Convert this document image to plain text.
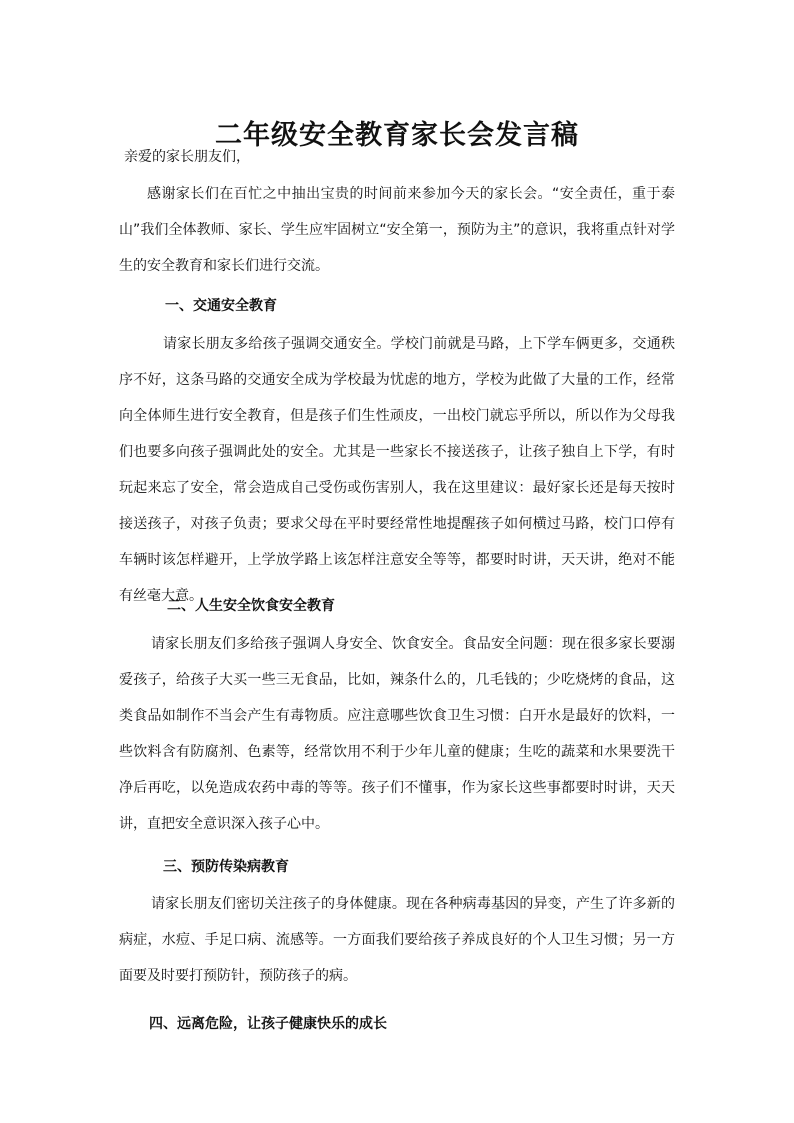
二年级安全教育家长会发言稿
亲爱的家长朋友们，

感谢家长们在百忙之中抽出宝贵的时间前来参加今天的家长会。“安全责任，重于泰山”我们全体教师、家长、学生应牢固树立“安全第一，预防为主”的意识，我将重点针对学生的安全教育和家长们进行交流。

一、交通安全教育

请家长朋友多给孩子强调交通安全。学校门前就是马路，上下学车俩更多，交通秩序不好，这条马路的交通安全成为学校最为忧虑的地方，学校为此做了大量的工作，经常向全体师生进行安全教育，但是孩子们生性顽皮，一出校门就忘乎所以，所以作为父母我们也要多向孩子强调此处的安全。尤其是一些家长不接送孩子，让孩子独自上下学，有时玩起来忘了安全，常会造成自己受伤或伤害别人，我在这里建议：最好家长还是每天按时接送孩子，对孩子负责；要求父母在平时要经常性地提醒孩子如何横过马路，校门口停有车辆时该怎样避开，上学放学路上该怎样注意安全等等，都要时时讲，天天讲，绝对不能有丝毫大意。

二、人生安全饮食安全教育

请家长朋友们多给孩子强调人身安全、饮食安全。食品安全问题：现在很多家长要溺爱孩子，给孩子大买一些三无食品，比如，辣条什么的，几毛钱的；少吃烧烤的食品，这类食品如制作不当会产生有毒物质。应注意哪些饮食卫生习惯：白开水是最好的饮料，一些饮料含有防腐剂、色素等，经常饮用不利于少年儿童的健康；生吃的蔬菜和水果要洗干净后再吃，以免造成农药中毒的等等。孩子们不懂事，作为家长这些事都要时时讲，天天讲，直把安全意识深入孩子心中。

三、预防传染病教育

请家长朋友们密切关注孩子的身体健康。现在各种病毒基因的异变，产生了许多新的病症，水痘、手足口病、流感等。一方面我们要给孩子养成良好的个人卫生习惯；另一方面要及时要打预防针，预防孩子的病。

四、远离危险，让孩子健康快乐的成长
